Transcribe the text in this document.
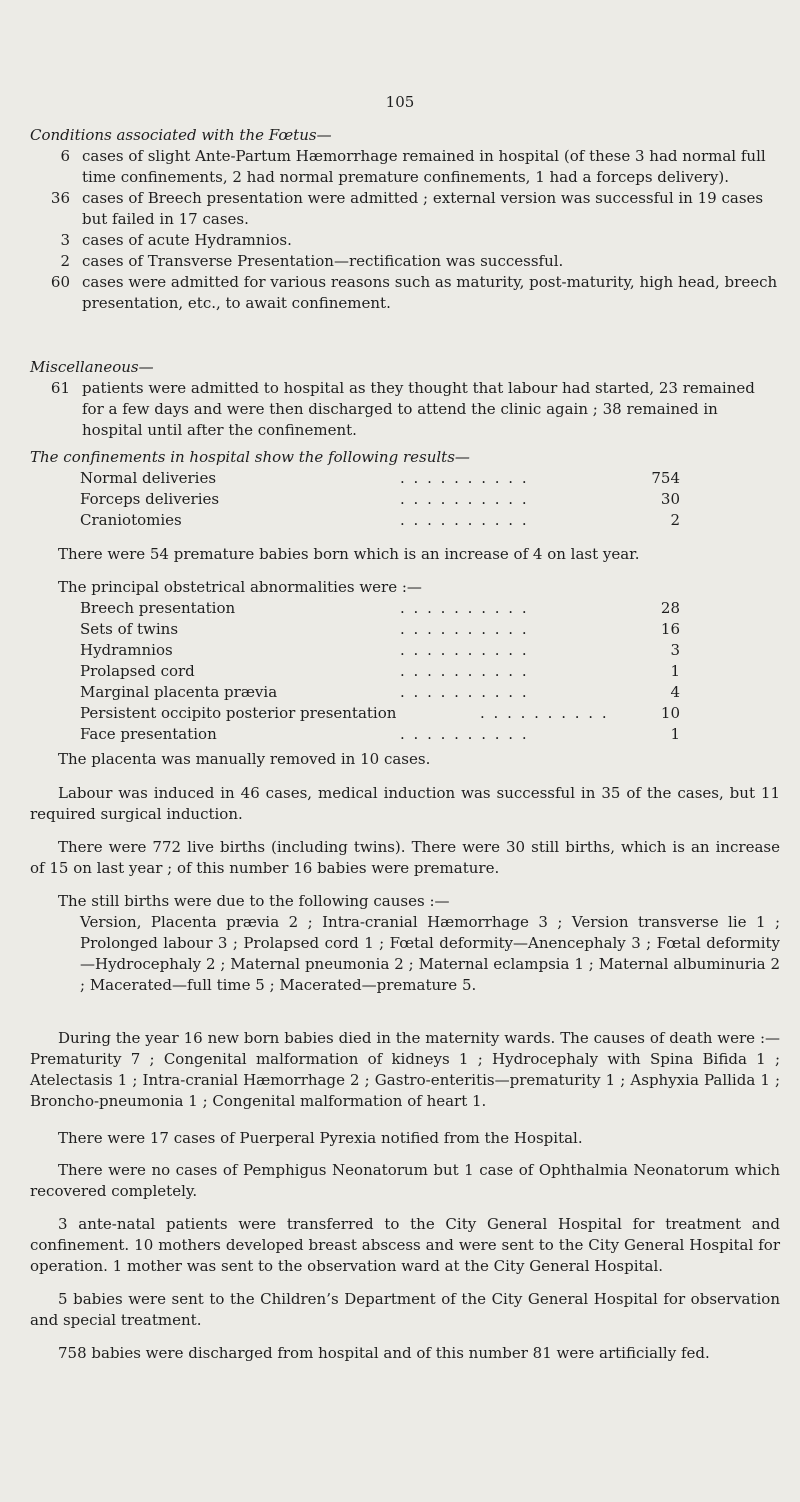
105

Conditions associated with the Fœtus—

6 cases of slight Ante-Partum Hæmorrhage remained in hospital (of these 3 had normal full time confinements, 2 had normal premature confinements, 1 had a forceps delivery).

36 cases of Breech presentation were admitted ; external version was successful in 19 cases but failed in 17 cases.

3 cases of acute Hydramnios.

2 cases of Transverse Presentation—rectification was successful.

60 cases were admitted for various reasons such as maturity, post-maturity, high head, breech presentation, etc., to await confinement.

Miscellaneous—

61 patients were admitted to hospital as they thought that labour had started, 23 remained for a few days and were then discharged to attend the clinic again ; 38 remained in hospital until after the confinement.

The confinements in hospital show the following results—

Normal deliveries	. . . . . . . . . .	754
Forceps deliveries	. . . . . . . . . .	30
Craniotomies	. . . . . . . . . .	2

There were 54 premature babies born which is an increase of 4 on last year.

The principal obstetrical abnormalities were :—

Breech presentation	. . . . . . . . . .	28
Sets of twins	. . . . . . . . . .	16
Hydramnios	. . . . . . . . . .	3
Prolapsed cord	. . . . . . . . . .	1
Marginal placenta prævia	. . . . . . . . . .	4
Persistent occipito posterior presentation	. . . . . . . . . .	10
Face presentation	. . . . . . . . . .	1

The placenta was manually removed in 10 cases.

Labour was induced in 46 cases, medical induction was successful in 35 of the cases, but 11 required surgical induction.

There were 772 live births (including twins). There were 30 still births, which is an increase of 15 on last year ; of this number 16 babies were premature.

The still births were due to the following causes :—

Version, Placenta prævia 2 ; Intra-cranial Hæmorrhage 3 ; Version transverse lie 1 ; Prolonged labour 3 ; Prolapsed cord 1 ; Fœtal deformity—Anencephaly 3 ; Fœtal deformity—Hydrocephaly 2 ; Maternal pneumonia 2 ; Maternal eclampsia 1 ; Maternal albuminuria 2 ; Macerated—full time 5 ; Macerated—premature 5.

During the year 16 new born babies died in the maternity wards. The causes of death were :—Prematurity 7 ; Congenital malformation of kidneys 1 ; Hydrocephaly with Spina Bifida 1 ; Atelectasis 1 ; Intra-cranial Hæmorrhage 2 ; Gastro-enteritis—prematurity 1 ; Asphyxia Pallida 1 ; Broncho-pneumonia 1 ; Congenital malformation of heart 1.

There were 17 cases of Puerperal Pyrexia notified from the Hospital.

There were no cases of Pemphigus Neonatorum but 1 case of Ophthalmia Neonatorum which recovered completely.

3 ante-natal patients were transferred to the City General Hospital for treatment and confinement. 10 mothers developed breast abscess and were sent to the City General Hospital for operation. 1 mother was sent to the observation ward at the City General Hospital.

5 babies were sent to the Children’s Department of the City General Hospital for observation and special treatment.

758 babies were discharged from hospital and of this number 81 were artificially fed.
